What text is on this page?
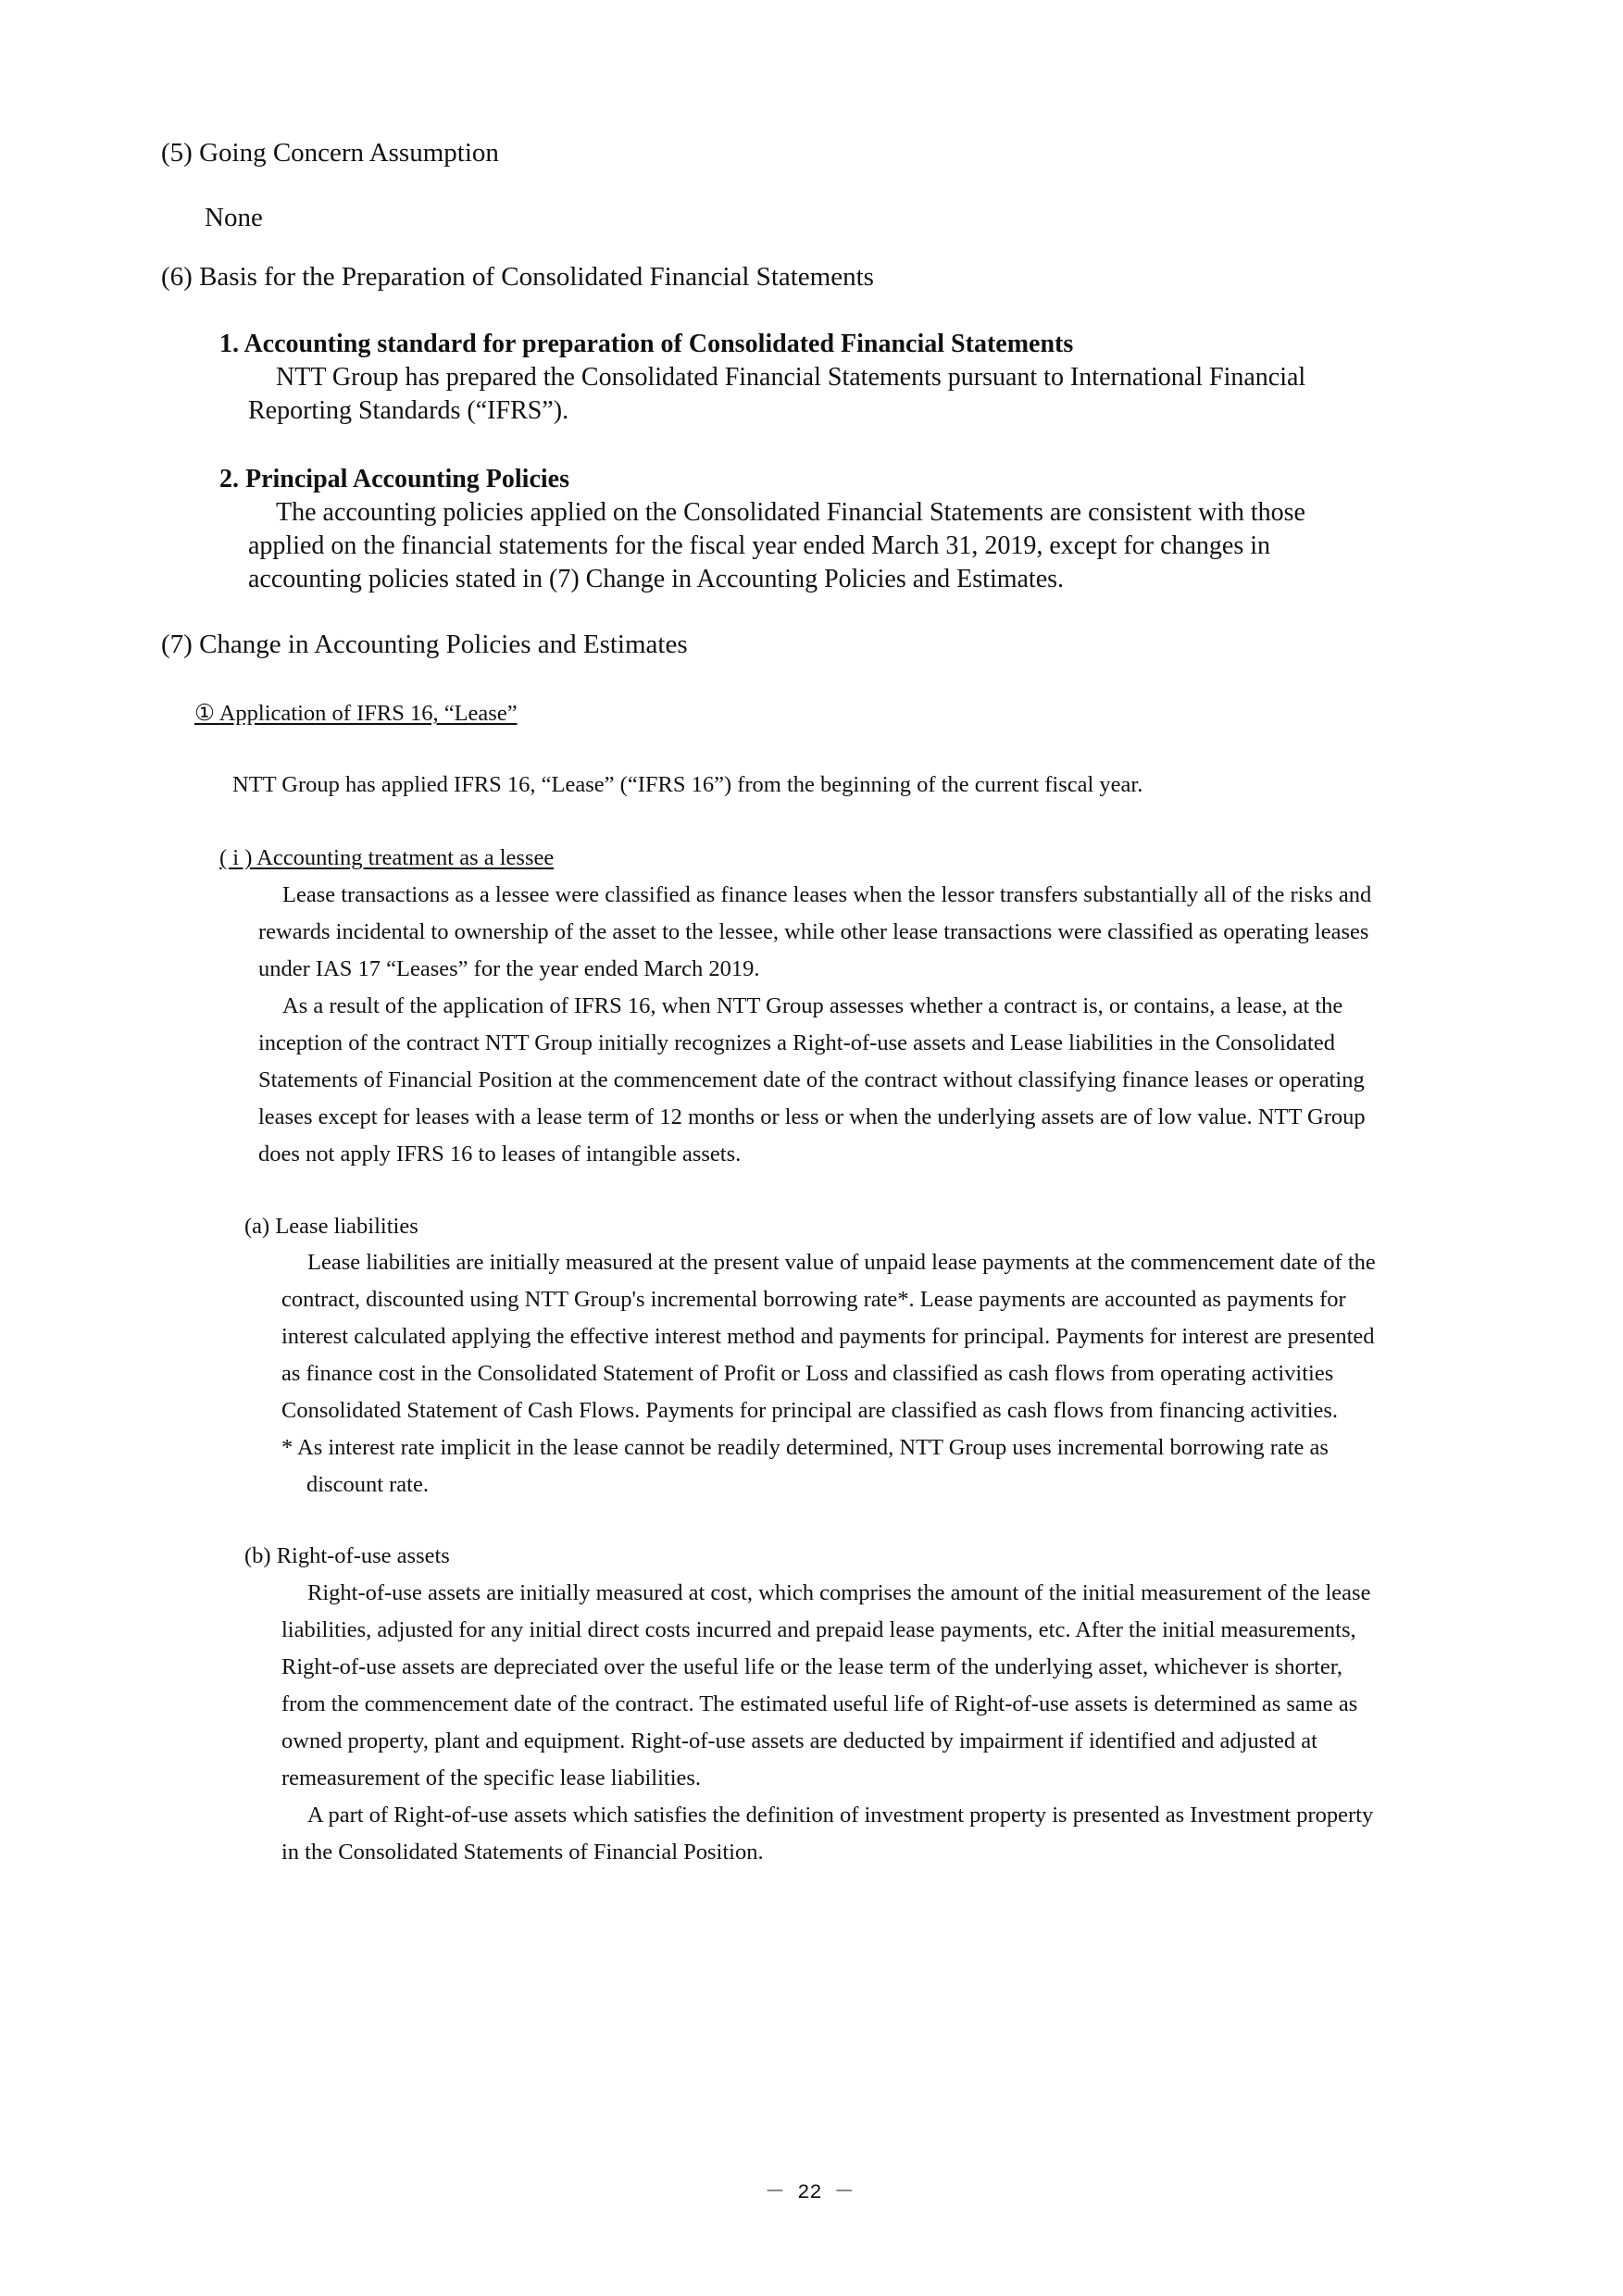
(5) Going Concern Assumption

None

(6) Basis for the Preparation of Consolidated Financial Statements

1. Accounting standard for preparation of Consolidated Financial Statements

NTT Group has prepared the Consolidated Financial Statements pursuant to International Financial

Reporting Standards (“IFRS”).

2. Principal Accounting Policies

The accounting policies applied on the Consolidated Financial Statements are consistent with those

applied on the financial statements for the fiscal year ended March 31, 2019, except for changes in

accounting policies stated in (7) Change in Accounting Policies and Estimates.

(7) Change in Accounting Policies and Estimates

① Application of IFRS 16, “Lease”

NTT Group has applied IFRS 16, “Lease” (“IFRS 16”) from the beginning of the current fiscal year.

( i ) Accounting treatment as a lessee

Lease transactions as a lessee were classified as finance leases when the lessor transfers substantially all of the risks and

rewards incidental to ownership of the asset to the lessee, while other lease transactions were classified as operating leases

under IAS 17 “Leases” for the year ended March 2019.

As a result of the application of IFRS 16, when NTT Group assesses whether a contract is, or contains, a lease, at the

inception of the contract NTT Group initially recognizes a Right-of-use assets and Lease liabilities in the Consolidated

Statements of Financial Position at the commencement date of the contract without classifying finance leases or operating

leases except for leases with a lease term of 12 months or less or when the underlying assets are of low value. NTT Group

does not apply IFRS 16 to leases of intangible assets.

(a) Lease liabilities

Lease liabilities are initially measured at the present value of unpaid lease payments at the commencement date of the

contract, discounted using NTT Group's incremental borrowing rate*. Lease payments are accounted as payments for

interest calculated applying the effective interest method and payments for principal. Payments for interest are presented

as finance cost in the Consolidated Statement of Profit or Loss and classified as cash flows from operating activities

Consolidated Statement of Cash Flows. Payments for principal are classified as cash flows from financing activities.

* As interest rate implicit in the lease cannot be readily determined, NTT Group uses incremental borrowing rate as

discount rate.

(b) Right-of-use assets

Right-of-use assets are initially measured at cost, which comprises the amount of the initial measurement of the lease

liabilities, adjusted for any initial direct costs incurred and prepaid lease payments, etc. After the initial measurements,

Right-of-use assets are depreciated over the useful life or the lease term of the underlying asset, whichever is shorter,

from the commencement date of the contract. The estimated useful life of Right-of-use assets is determined as same as

owned property, plant and equipment. Right-of-use assets are deducted by impairment if identified and adjusted at

remeasurement of the specific lease liabilities.

A part of Right-of-use assets which satisfies the definition of investment property is presented as Investment property

in the Consolidated Statements of Financial Position.

－ 22 －
